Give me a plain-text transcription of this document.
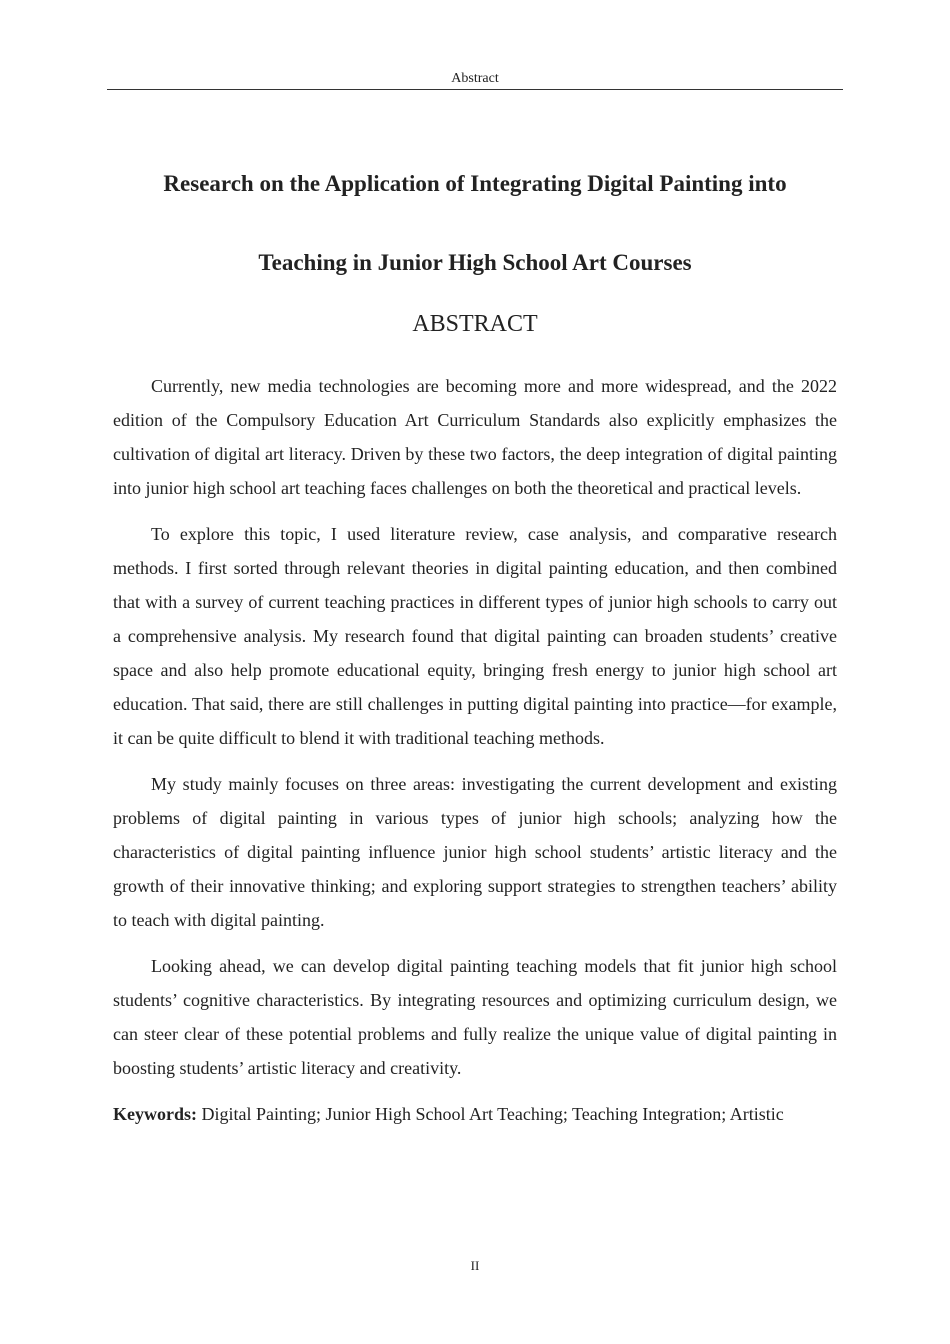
Abstract
Research on the Application of Integrating Digital Painting into
Teaching in Junior High School Art Courses
ABSTRACT

Currently, new media technologies are becoming more and more widespread, and the 2022 edition of the Compulsory Education Art Curriculum Standards also explicitly emphasizes the cultivation of digital art literacy. Driven by these two factors, the deep integration of digital painting into junior high school art teaching faces challenges on both the theoretical and practical levels.

To explore this topic, I used literature review, case analysis, and comparative research methods. I first sorted through relevant theories in digital painting education, and then combined that with a survey of current teaching practices in different types of junior high schools to carry out a comprehensive analysis. My research found that digital painting can broaden students’ creative space and also help promote educational equity, bringing fresh energy to junior high school art education. That said, there are still challenges in putting digital painting into practice—for example, it can be quite difficult to blend it with traditional teaching methods.

My study mainly focuses on three areas: investigating the current development and existing problems of digital painting in various types of junior high schools; analyzing how the characteristics of digital painting influence junior high school students’ artistic literacy and the growth of their innovative thinking; and exploring support strategies to strengthen teachers’ ability to teach with digital painting.

Looking ahead, we can develop digital painting teaching models that fit junior high school students’ cognitive characteristics. By integrating resources and optimizing curriculum design, we can steer clear of these potential problems and fully realize the unique value of digital painting in boosting students’ artistic literacy and creativity.

Keywords: Digital Painting; Junior High School Art Teaching; Teaching Integration; Artistic
II
